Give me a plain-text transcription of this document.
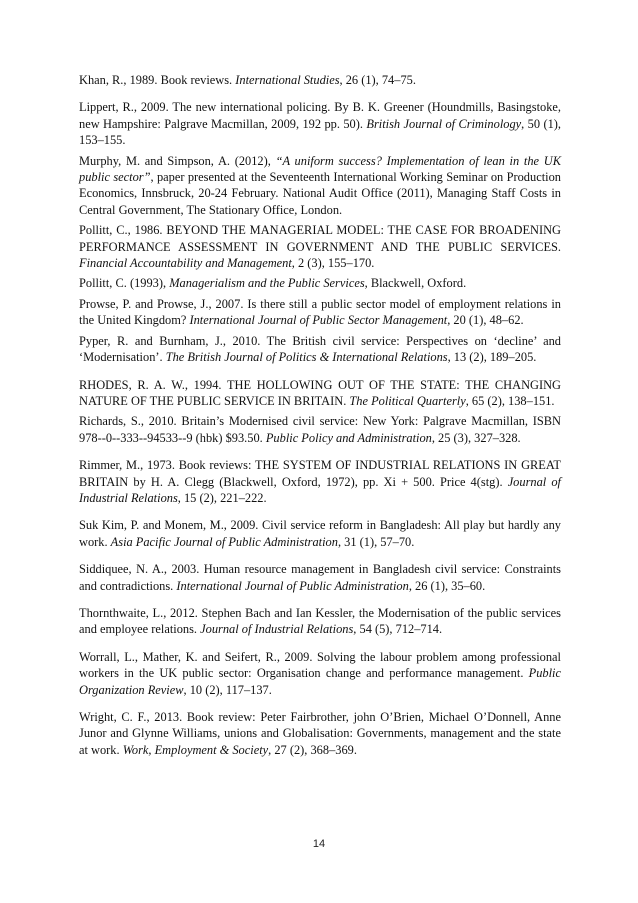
Khan, R., 1989. Book reviews. International Studies, 26 (1), 74–75.

Lippert, R., 2009. The new international policing. By B. K. Greener (Houndmills, Basingstoke, new Hampshire: Palgrave Macmillan, 2009, 192 pp. 50). British Journal of Criminology, 50 (1), 153–155.

Murphy, M. and Simpson, A. (2012), “A uniform success? Implementation of lean in the UK public sector”, paper presented at the Seventeenth International Working Seminar on Production Economics, Innsbruck, 20-24 February. National Audit Office (2011), Managing Staff Costs in Central Government, The Stationary Office, London.

Pollitt, C., 1986. BEYOND THE MANAGERIAL MODEL: THE CASE FOR BROADENING PERFORMANCE ASSESSMENT IN GOVERNMENT AND THE PUBLIC SERVICES. Financial Accountability and Management, 2 (3), 155–170.

Pollitt, C. (1993), Managerialism and the Public Services, Blackwell, Oxford.

Prowse, P. and Prowse, J., 2007. Is there still a public sector model of employment relations in the United Kingdom? International Journal of Public Sector Management, 20 (1), 48–62.

Pyper, R. and Burnham, J., 2010. The British civil service: Perspectives on ‘decline’ and ‘Modernisation’. The British Journal of Politics & International Relations, 13 (2), 189–205.

RHODES, R. A. W., 1994. THE HOLLOWING OUT OF THE STATE: THE CHANGING NATURE OF THE PUBLIC SERVICE IN BRITAIN. The Political Quarterly, 65 (2), 138–151.

Richards, S., 2010. Britain’s Modernised civil service: New York: Palgrave Macmillan, ISBN 978--0--333--94533--9 (hbk) $93.50. Public Policy and Administration, 25 (3), 327–328.

Rimmer, M., 1973. Book reviews: THE SYSTEM OF INDUSTRIAL RELATIONS IN GREAT BRITAIN by H. A. Clegg (Blackwell, Oxford, 1972), pp. Xi + 500. Price 4(stg). Journal of Industrial Relations, 15 (2), 221–222.

Suk Kim, P. and Monem, M., 2009. Civil service reform in Bangladesh: All play but hardly any work. Asia Pacific Journal of Public Administration, 31 (1), 57–70.

Siddiquee, N. A., 2003. Human resource management in Bangladesh civil service: Constraints and contradictions. International Journal of Public Administration, 26 (1), 35–60.

Thornthwaite, L., 2012. Stephen Bach and Ian Kessler, the Modernisation of the public services and employee relations. Journal of Industrial Relations, 54 (5), 712–714.

Worrall, L., Mather, K. and Seifert, R., 2009. Solving the labour problem among professional workers in the UK public sector: Organisation change and performance management. Public Organization Review, 10 (2), 117–137.

Wright, C. F., 2013. Book review: Peter Fairbrother, john O’Brien, Michael O’Donnell, Anne Junor and Glynne Williams, unions and Globalisation: Governments, management and the state at work. Work, Employment & Society, 27 (2), 368–369.

14
